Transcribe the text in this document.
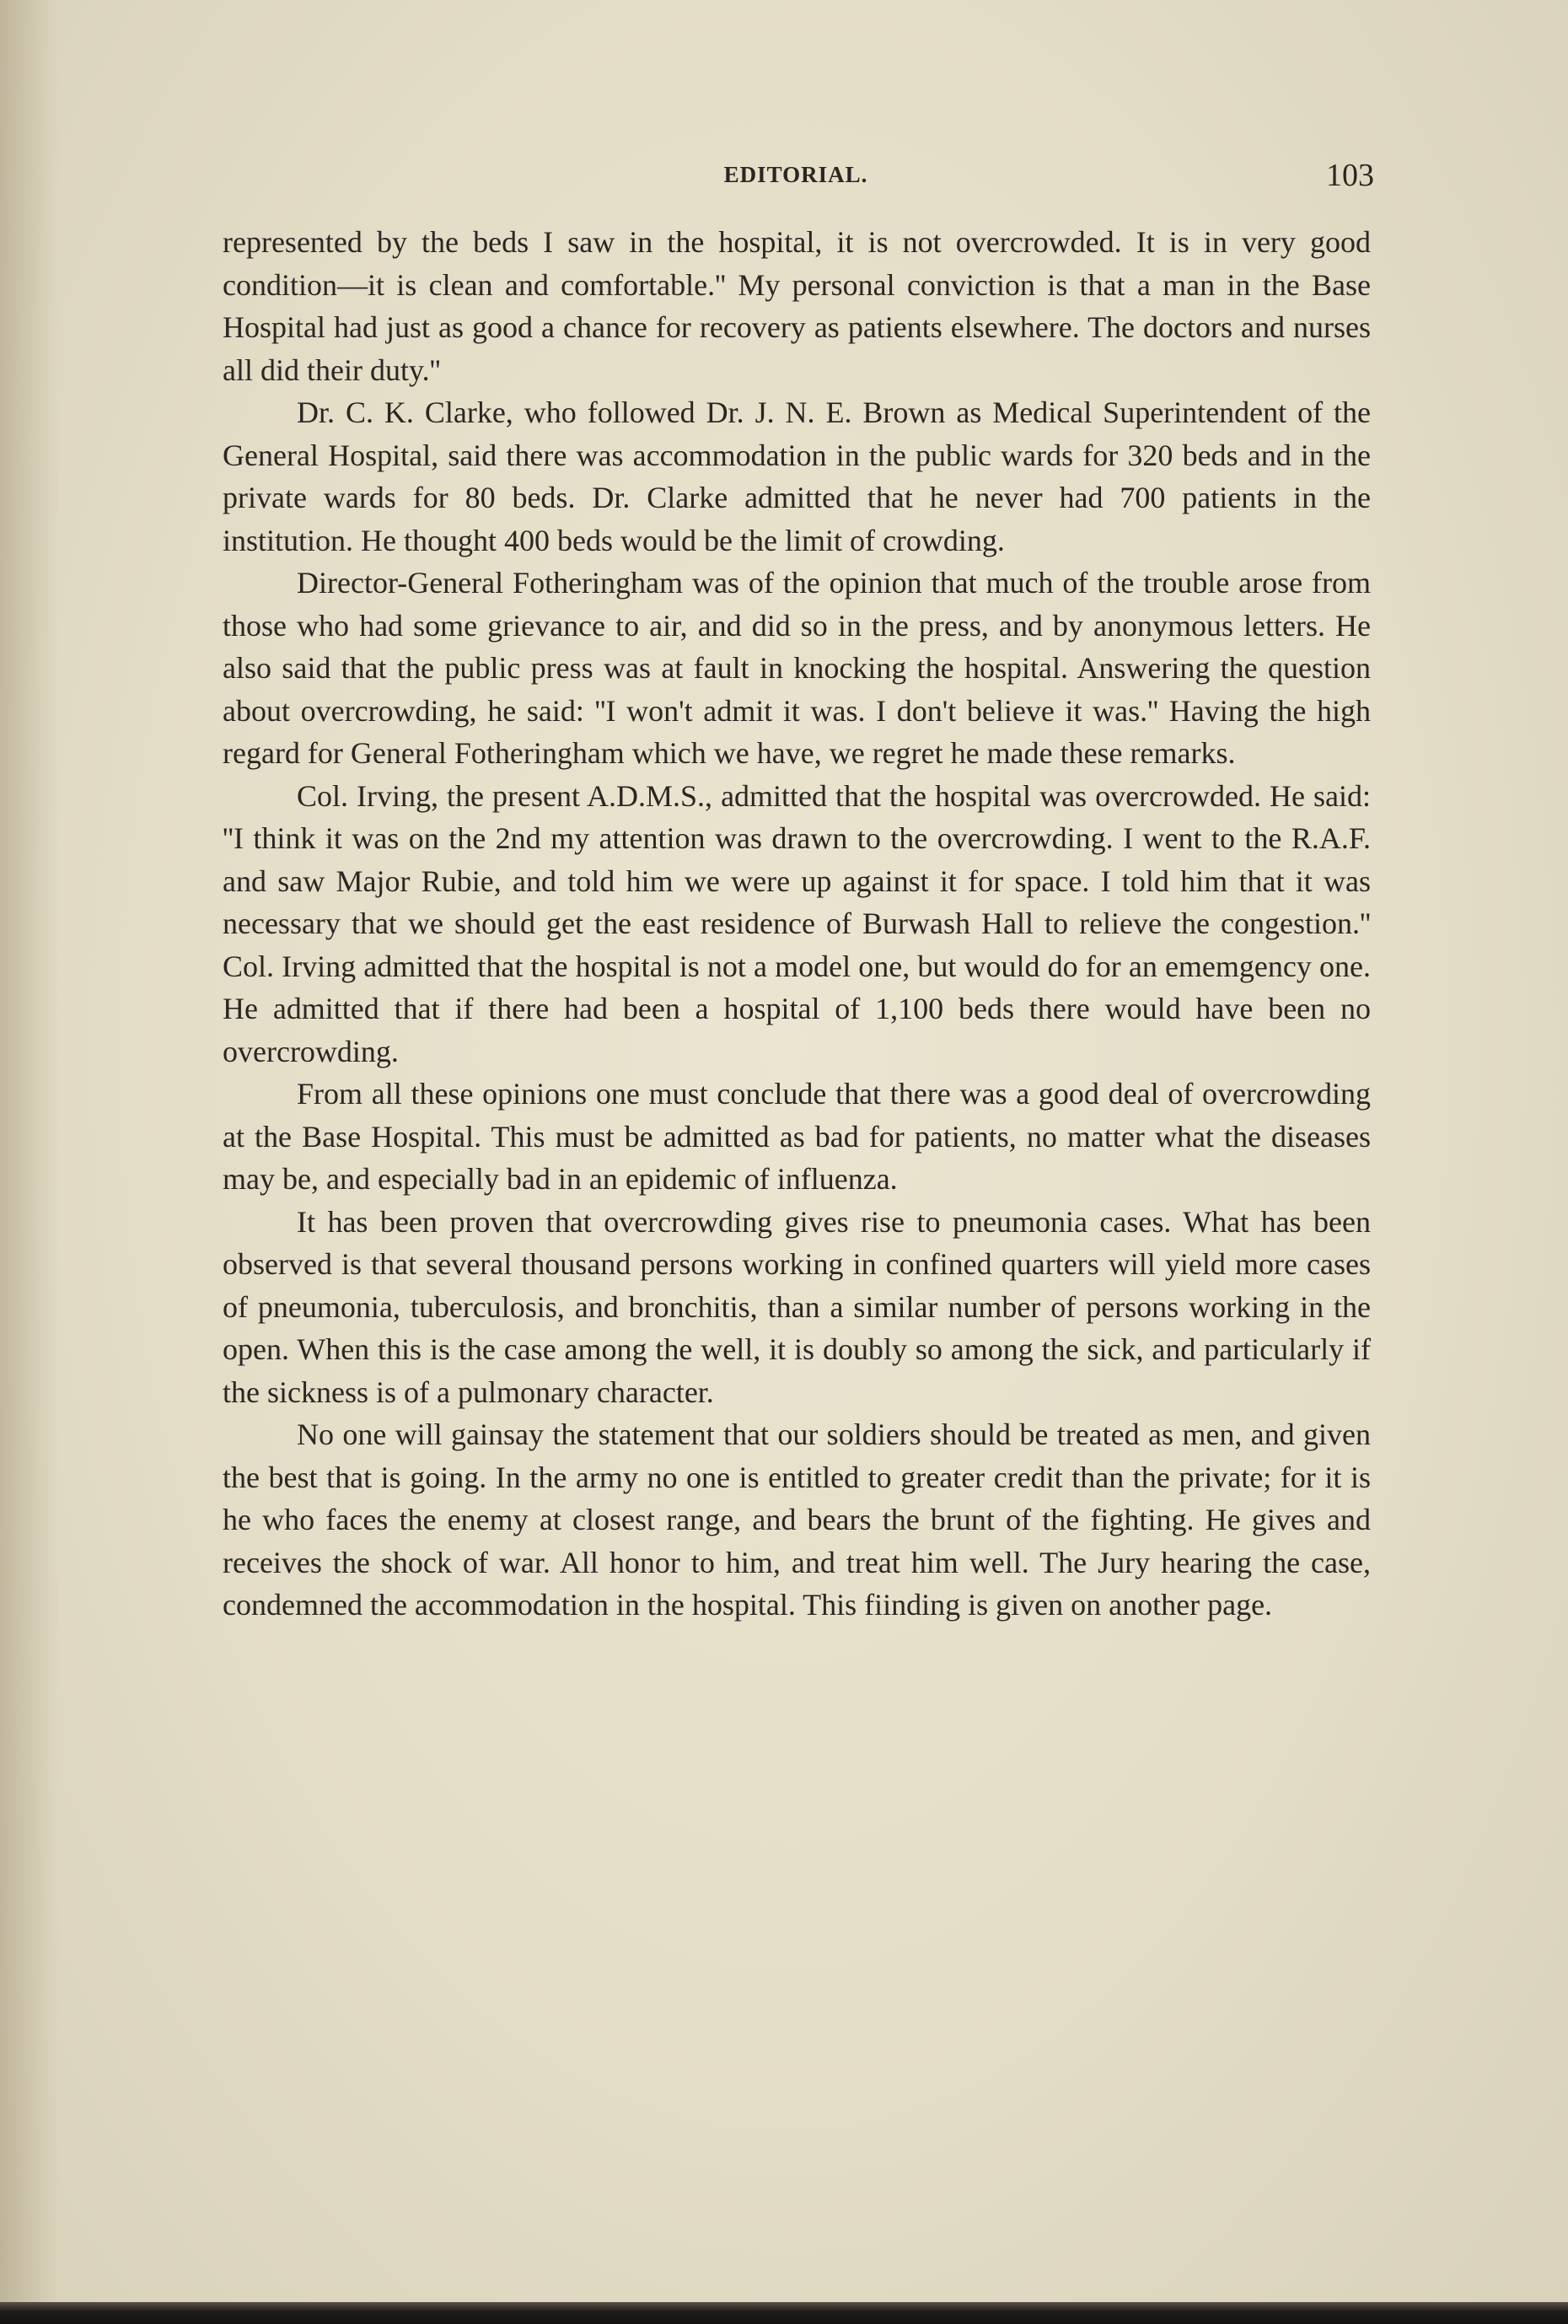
EDITORIAL.	103

represented by the beds I saw in the hospital, it is not overcrowded. It is in very good condition—it is clean and comfortable.'' My personal conviction is that a man in the Base Hospital had just as good a chance for recovery as patients elsewhere. The doctors and nurses all did their duty.''

Dr. C. K. Clarke, who followed Dr. J. N. E. Brown as Medical Superintendent of the General Hospital, said there was accommodation in the public wards for 320 beds and in the private wards for 80 beds. Dr. Clarke admitted that he never had 700 patients in the institution. He thought 400 beds would be the limit of crowding.

Director-General Fotheringham was of the opinion that much of the trouble arose from those who had some grievance to air, and did so in the press, and by anonymous letters. He also said that the public press was at fault in knocking the hospital. Answering the question about overcrowding, he said: ''I won't admit it was. I don't believe it was.'' Having the high regard for General Fotheringham which we have, we regret he made these remarks.

Col. Irving, the present A.D.M.S., admitted that the hospital was overcrowded. He said: ''I think it was on the 2nd my attention was drawn to the overcrowding. I went to the R.A.F. and saw Major Rubie, and told him we were up against it for space. I told him that it was necessary that we should get the east residence of Burwash Hall to relieve the congestion.'' Col. Irving admitted that the hospital is not a model one, but would do for an ememgency one. He admitted that if there had been a hospital of 1,100 beds there would have been no overcrowding.

From all these opinions one must conclude that there was a good deal of overcrowding at the Base Hospital. This must be admitted as bad for patients, no matter what the diseases may be, and especially bad in an epidemic of influenza.

It has been proven that overcrowding gives rise to pneumonia cases. What has been observed is that several thousand persons working in confined quarters will yield more cases of pneumonia, tuberculosis, and bronchitis, than a similar number of persons working in the open. When this is the case among the well, it is doubly so among the sick, and particularly if the sickness is of a pulmonary character.

No one will gainsay the statement that our soldiers should be treated as men, and given the best that is going. In the army no one is entitled to greater credit than the private; for it is he who faces the enemy at closest range, and bears the brunt of the fighting. He gives and receives the shock of war. All honor to him, and treat him well. The Jury hearing the case, condemned the accommodation in the hospital. This fiinding is given on another page.
